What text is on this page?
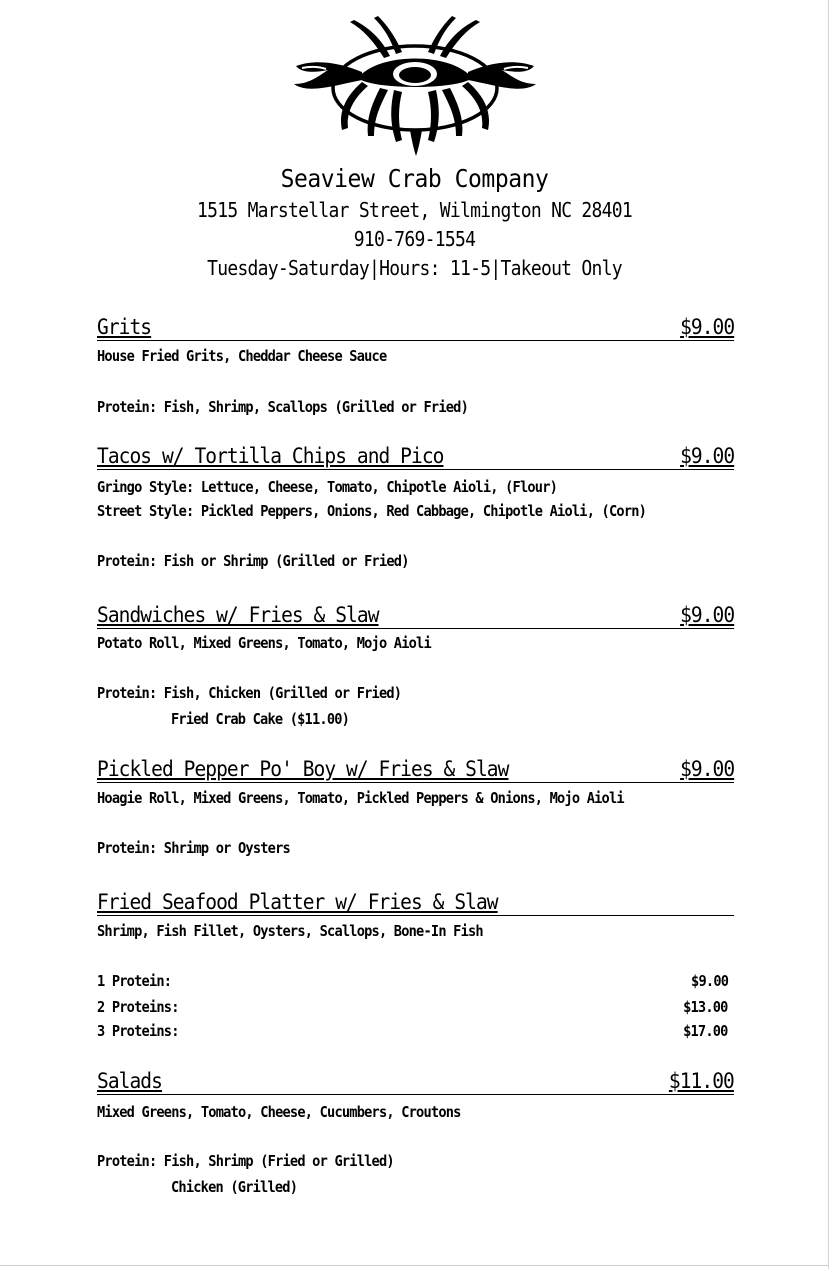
Seaview Crab Company
1515 Marstellar Street, Wilmington NC 28401
910-769-1554
Tuesday-Saturday|Hours: 11-5|Takeout Only
Grits	$9.00
House Fried Grits, Cheddar Cheese Sauce
Protein: Fish, Shrimp, Scallops (Grilled or Fried)
Tacos w/ Tortilla Chips and Pico	$9.00
Gringo Style: Lettuce, Cheese, Tomato, Chipotle Aioli, (Flour)
Street Style: Pickled Peppers, Onions, Red Cabbage, Chipotle Aioli, (Corn)
Protein: Fish or Shrimp (Grilled or Fried)
Sandwiches w/ Fries & Slaw	$9.00
Potato Roll, Mixed Greens, Tomato, Mojo Aioli
Protein: Fish, Chicken (Grilled or Fried)
Fried Crab Cake ($11.00)
Pickled Pepper Po' Boy w/ Fries & Slaw	$9.00
Hoagie Roll, Mixed Greens, Tomato, Pickled Peppers & Onions, Mojo Aioli
Protein: Shrimp or Oysters
Fried Seafood Platter w/ Fries & Slaw
Shrimp, Fish Fillet, Oysters, Scallops, Bone-In Fish
1 Protein:	$9.00
2 Proteins:	$13.00
3 Proteins:	$17.00
Salads	$11.00
Mixed Greens, Tomato, Cheese, Cucumbers, Croutons
Protein: Fish, Shrimp (Fried or Grilled)
Chicken (Grilled)
